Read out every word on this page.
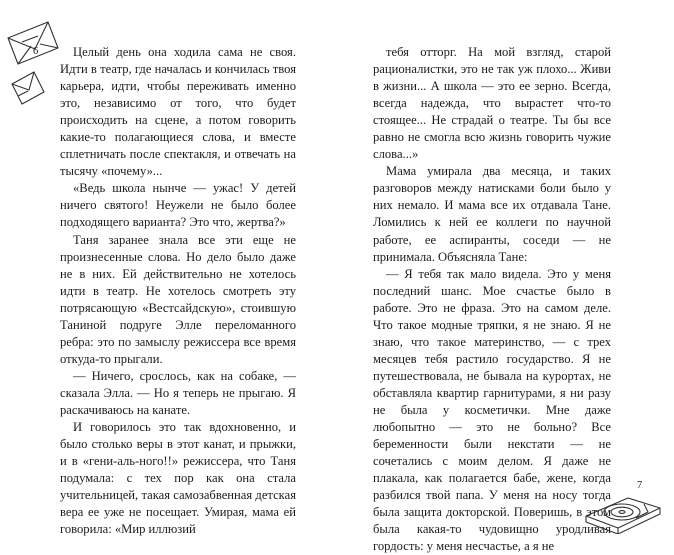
6	Целый день она ходила сама не своя. Идти в театр, где началась и кончилась твоя карьера, идти, чтобы переживать именно это, независимо от того, что будет происходить на сцене, а потом говорить какие-то полагающиеся слова, и вместе сплетничать после спектакля, и отвечать на тысячу «почему»...

«Ведь школа нынче — ужас! У детей ничего святого! Неужели не было более подходящего варианта? Это что, жертва?»

Таня заранее знала все эти еще не произнесенные слова. Но дело было даже не в них. Ей действительно не хотелось идти в театр. Не хотелось смотреть эту потрясающую «Вестсайдскую», стоившую Таниной подруге Элле переломанного ребра: это по замыслу режиссера все время откуда-то прыгали.

— Ничего, срослось, как на собаке, — сказала Элла. — Но я теперь не прыгаю. Я раскачиваюсь на канате.

И говорилось это так вдохновенно, и было столько веры в этот канат, и прыжки, и в «гени-аль-ного!!» режиссера, что Таня подумала: с тех пор как она стала учительницей, такая самозабвенная детская вера ее уже не посещает. Умирая, мама ей говорила: «Мир иллюзий

тебя отторг. На мой взгляд, старой рационалистки, это не так уж плохо... Живи в жизни... А школа — это ее зерно. Всегда, всегда надежда, что вырастет что-то стоящее... Не страдай о театре. Ты бы все равно не смогла всю жизнь говорить чужие слова...»

Мама умирала два месяца, и таких разговоров между натисками боли было у них немало. И мама все их отдавала Тане. Ломились к ней ее коллеги по научной работе, ее аспиранты, соседи — не принимала. Объясняла Тане:

— Я тебя так мало видела. Это у меня последний шанс. Мое счастье было в работе. Это не фраза. Это на самом деле. Что такое модные тряпки, я не знаю. Я не знаю, что такое материнство, — с трех месяцев тебя растило государство. Я не путешествовала, не бывала на курортах, не обставляла квартир гарнитурами, я ни разу не была у косметички. Мне даже любопытно — это не больно? Все беременности были некстати — не сочетались с моим делом. Я даже не плакала, как полагается бабе, жене, когда разбился твой папа. У меня на носу тогда была защита докторской. Поверишь, в этом была какая-то чудовищно уродливая гордость: у меня несчастье, а я не

7
